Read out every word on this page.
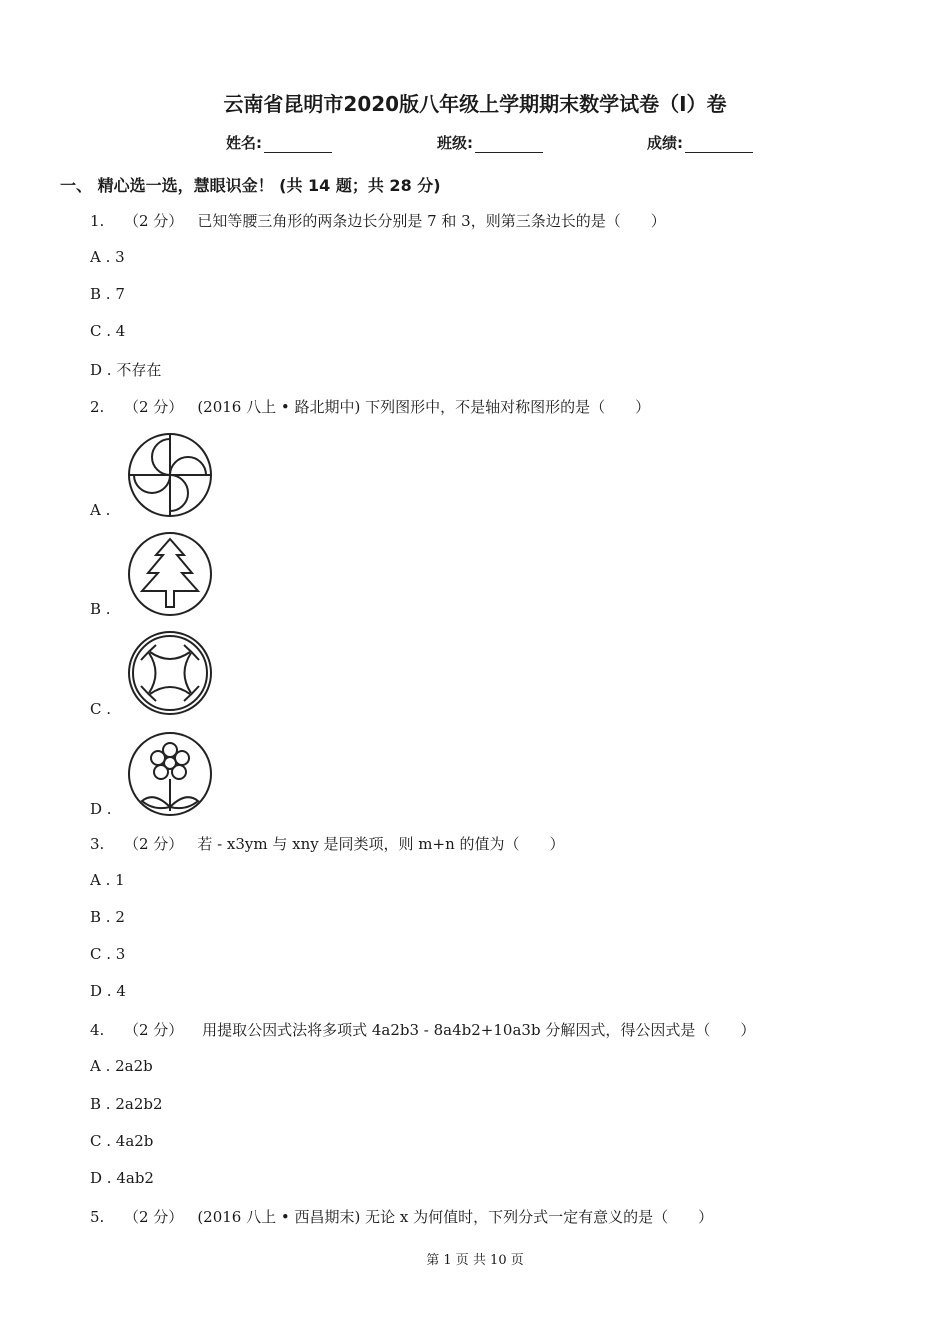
云南省昆明市2020版八年级上学期期末数学试卷（I）卷
姓名:	班级:	成绩:
一、 精心选一选，慧眼识金！ (共 14 题；共 28 分)
1. （2 分） 已知等腰三角形的两条边长分别是 7 和 3，则第三条边长的是（　　）
A . 3
B . 7
C . 4
D . 不存在
2. （2 分） (2016 八上 • 路北期中) 下列图形中，不是轴对称图形的是（　　）
A .
B .
C .
D .
3. （2 分） 若 - x3ym 与 xny 是同类项，则 m+n 的值为（　　）
A . 1
B . 2
C . 3
D . 4
4. （2 分） 用提取公因式法将多项式 4a2b3 - 8a4b2+10a3b 分解因式，得公因式是（　　）
A . 2a2b
B . 2a2b2
C . 4a2b
D . 4ab2
5. （2 分） (2016 八上 • 西昌期末) 无论 x 为何值时，下列分式一定有意义的是（　　）
第 1 页 共 10 页
